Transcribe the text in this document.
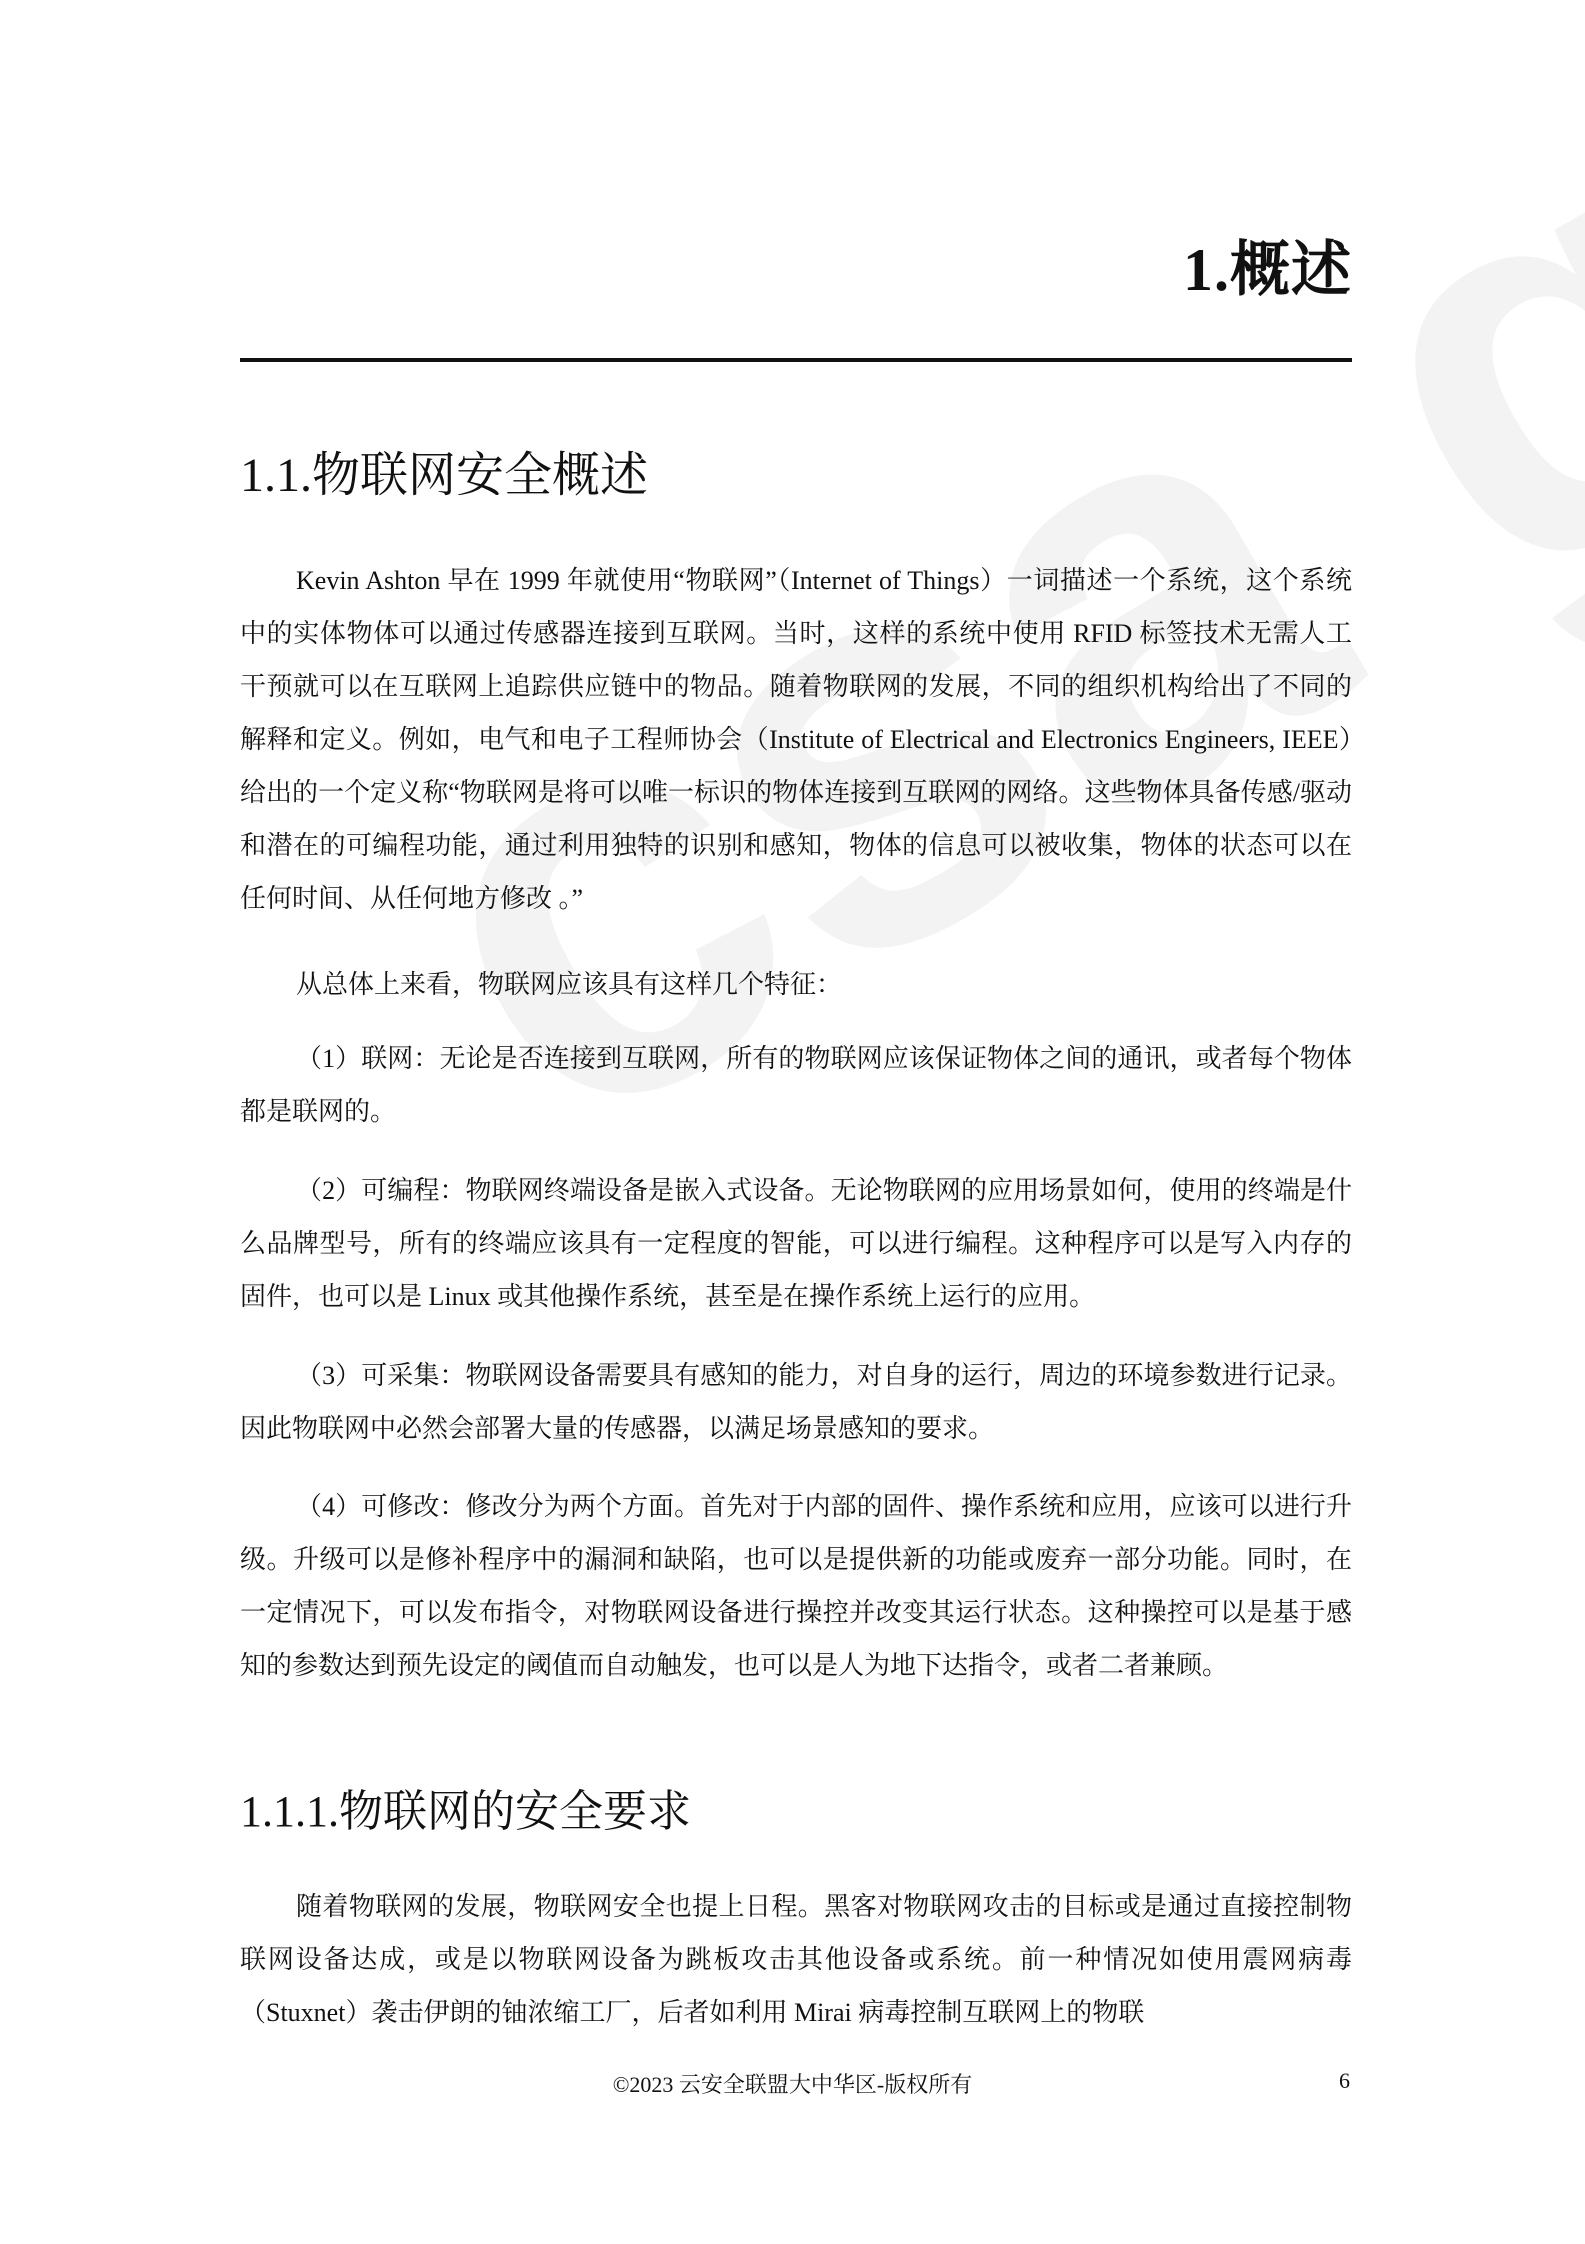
1.概述
1.1.物联网安全概述

Kevin Ashton 早在 1999 年就使用“物联网”（Internet of Things）一词描述一个系统，这个系统中的实体物体可以通过传感器连接到互联网。当时，这样的系统中使用 RFID 标签技术无需人工干预就可以在互联网上追踪供应链中的物品。随着物联网的发展，不同的组织机构给出了不同的解释和定义。例如，电气和电子工程师协会（Institute of Electrical and Electronics Engineers, IEEE）给出的一个定义称“物联网是将可以唯一标识的物体连接到互联网的网络。这些物体具备传感/驱动和潜在的可编程功能，通过利用独特的识别和感知，物体的信息可以被收集，物体的状态可以在任何时间、从任何地方修改 。”

从总体上来看，物联网应该具有这样几个特征：

（1）联网：无论是否连接到互联网，所有的物联网应该保证物体之间的通讯，或者每个物体都是联网的。

（2）可编程：物联网终端设备是嵌入式设备。无论物联网的应用场景如何，使用的终端是什么品牌型号，所有的终端应该具有一定程度的智能，可以进行编程。这种程序可以是写入内存的固件，也可以是 Linux 或其他操作系统，甚至是在操作系统上运行的应用。

（3）可采集：物联网设备需要具有感知的能力，对自身的运行，周边的环境参数进行记录。因此物联网中必然会部署大量的传感器，以满足场景感知的要求。

（4）可修改：修改分为两个方面。首先对于内部的固件、操作系统和应用，应该可以进行升级。升级可以是修补程序中的漏洞和缺陷，也可以是提供新的功能或废弃一部分功能。同时，在一定情况下，可以发布指令，对物联网设备进行操控并改变其运行状态。这种操控可以是基于感知的参数达到预先设定的阈值而自动触发，也可以是人为地下达指令，或者二者兼顾。

1.1.1.物联网的安全要求

随着物联网的发展，物联网安全也提上日程。黑客对物联网攻击的目标或是通过直接控制物联网设备达成，或是以物联网设备为跳板攻击其他设备或系统。前一种情况如使用震网病毒（Stuxnet）袭击伊朗的铀浓缩工厂，后者如利用 Mirai 病毒控制互联网上的物联

©2023 云安全联盟大中华区-版权所有	6
